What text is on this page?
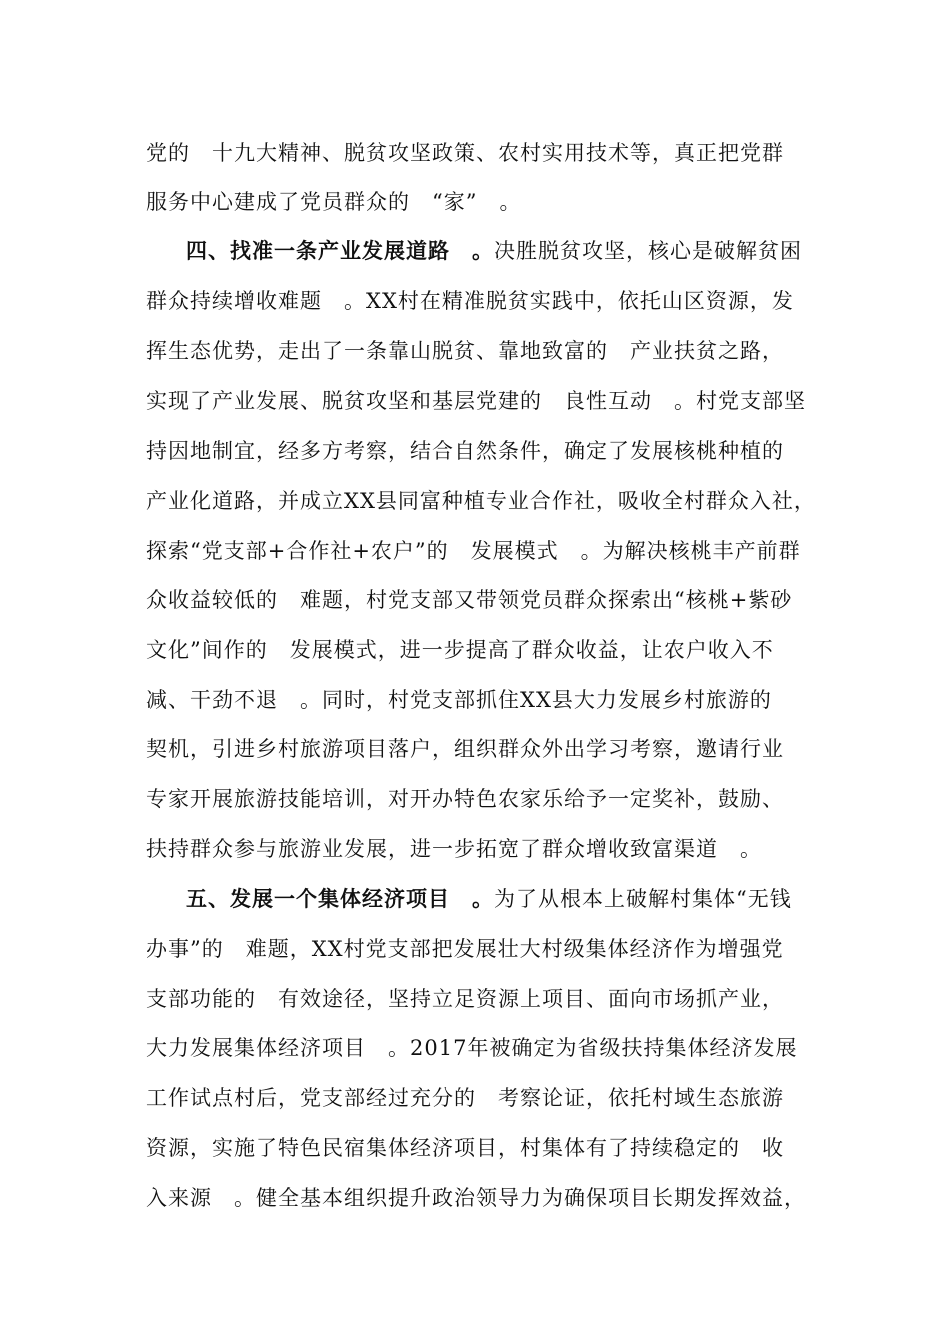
党的　十九大精神、脱贫攻坚政策、农村实用技术等，真正把党群
服务中心建成了党员群众的　“家”　。
四、找准一条产业发展道路　。决胜脱贫攻坚，核心是破解贫困
群众持续增收难题　。XX村在精准脱贫实践中，依托山区资源，发
挥生态优势，走出了一条靠山脱贫、靠地致富的　产业扶贫之路，
实现了产业发展、脱贫攻坚和基层党建的　良性互动　。村党支部坚
持因地制宜，经多方考察，结合自然条件，确定了发展核桃种植的
产业化道路，并成立XX县同富种植专业合作社，吸收全村群众入社，
探索“党支部+合作社+农户”的　发展模式　。为解决核桃丰产前群
众收益较低的　难题，村党支部又带领党员群众探索出“核桃+紫砂
文化”间作的　发展模式，进一步提高了群众收益，让农户收入不
减、干劲不退　。同时，村党支部抓住XX县大力发展乡村旅游的
契机，引进乡村旅游项目落户，组织群众外出学习考察，邀请行业
专家开展旅游技能培训，对开办特色农家乐给予一定奖补，鼓励、
扶持群众参与旅游业发展，进一步拓宽了群众增收致富渠道　。
五、发展一个集体经济项目　。为了从根本上破解村集体“无钱
办事”的　难题，XX村党支部把发展壮大村级集体经济作为增强党
支部功能的　有效途径，坚持立足资源上项目、面向市场抓产业，
大力发展集体经济项目　。2017年被确定为省级扶持集体经济发展
工作试点村后，党支部经过充分的　考察论证，依托村域生态旅游
资源，实施了特色民宿集体经济项目，村集体有了持续稳定的　收
入来源　。健全基本组织提升政治领导力为确保项目长期发挥效益，
